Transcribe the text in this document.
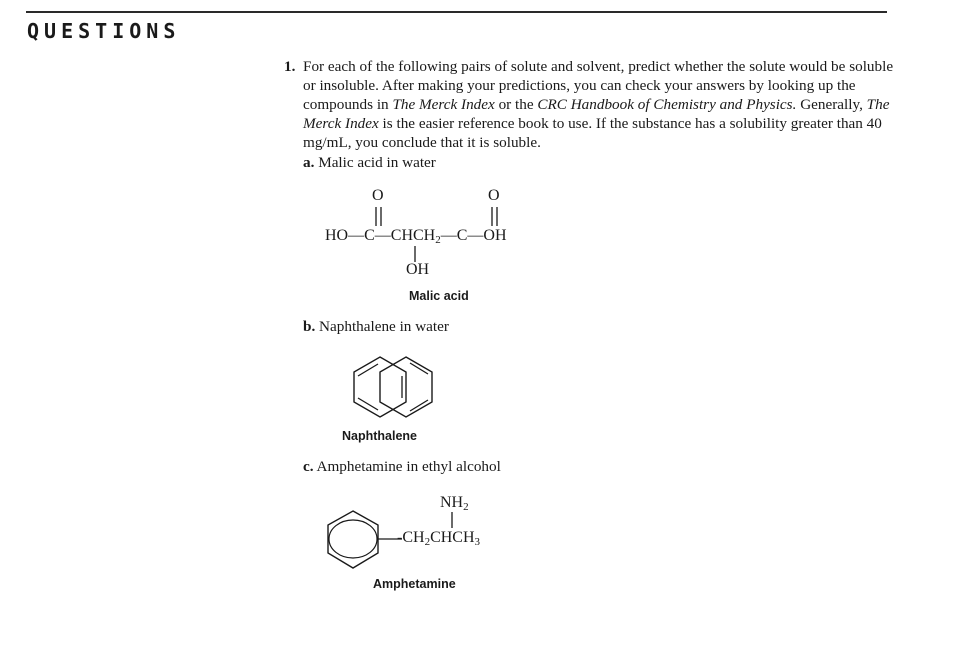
QUESTIONS
1. For each of the following pairs of solute and solvent, predict whether the solute would be soluble or insoluble. After making your predictions, you can check your answers by looking up the compounds in The Merck Index or the CRC Handbook of Chemistry and Physics. Generally, The Merck Index is the easier reference book to use. If the substance has a solubility greater than 40 mg/mL, you conclude that it is soluble.
a. Malic acid in water
O	O
$HO—C—CHCH_2—C—OH$
OH
Malic acid
b. Naphthalene in water
Naphthalene
c. Amphetamine in ethyl alcohol
$NH_2$
$-CH_2CHCH_3$
Amphetamine
